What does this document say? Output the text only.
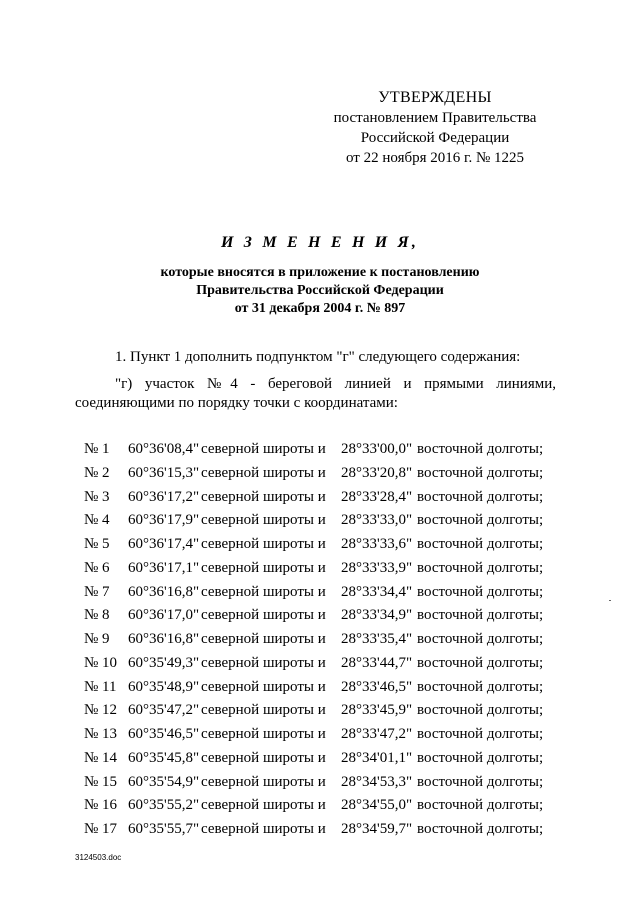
УТВЕРЖДЕНЫ
постановлением Правительства
Российской Федерации
от 22 ноября 2016 г. № 1225
И З М Е Н Е Н И Я,
которые вносятся в приложение к постановлению
Правительства Российской Федерации
от 31 декабря 2004 г. № 897
1. Пункт 1 дополнить подпунктом "г" следующего содержания:
"г) участок №4 - береговой линией и прямыми линиями, соединяющими по порядку точки с координатами:
№ 1 60°36'08,4" северной широты и 28°33'00,0" восточной долготы;
№ 2 60°36'15,3" северной широты и 28°33'20,8" восточной долготы;
№ 3 60°36'17,2" северной широты и 28°33'28,4" восточной долготы;
№ 4 60°36'17,9" северной широты и 28°33'33,0" восточной долготы;
№ 5 60°36'17,4" северной широты и 28°33'33,6" восточной долготы;
№ 6 60°36'17,1" северной широты и 28°33'33,9" восточной долготы;
№ 7 60°36'16,8" северной широты и 28°33'34,4" восточной долготы;
№ 8 60°36'17,0" северной широты и 28°33'34,9" восточной долготы;
№ 9 60°36'16,8" северной широты и 28°33'35,4" восточной долготы;
№ 10 60°35'49,3" северной широты и 28°33'44,7" восточной долготы;
№ 11 60°35'48,9" северной широты и 28°33'46,5" восточной долготы;
№ 12 60°35'47,2" северной широты и 28°33'45,9" восточной долготы;
№ 13 60°35'46,5" северной широты и 28°33'47,2" восточной долготы;
№ 14 60°35'45,8" северной широты и 28°34'01,1" восточной долготы;
№ 15 60°35'54,9" северной широты и 28°34'53,3" восточной долготы;
№ 16 60°35'55,2" северной широты и 28°34'55,0" восточной долготы;
№ 17 60°35'55,7" северной широты и 28°34'59,7" восточной долготы;
3124503.doc
